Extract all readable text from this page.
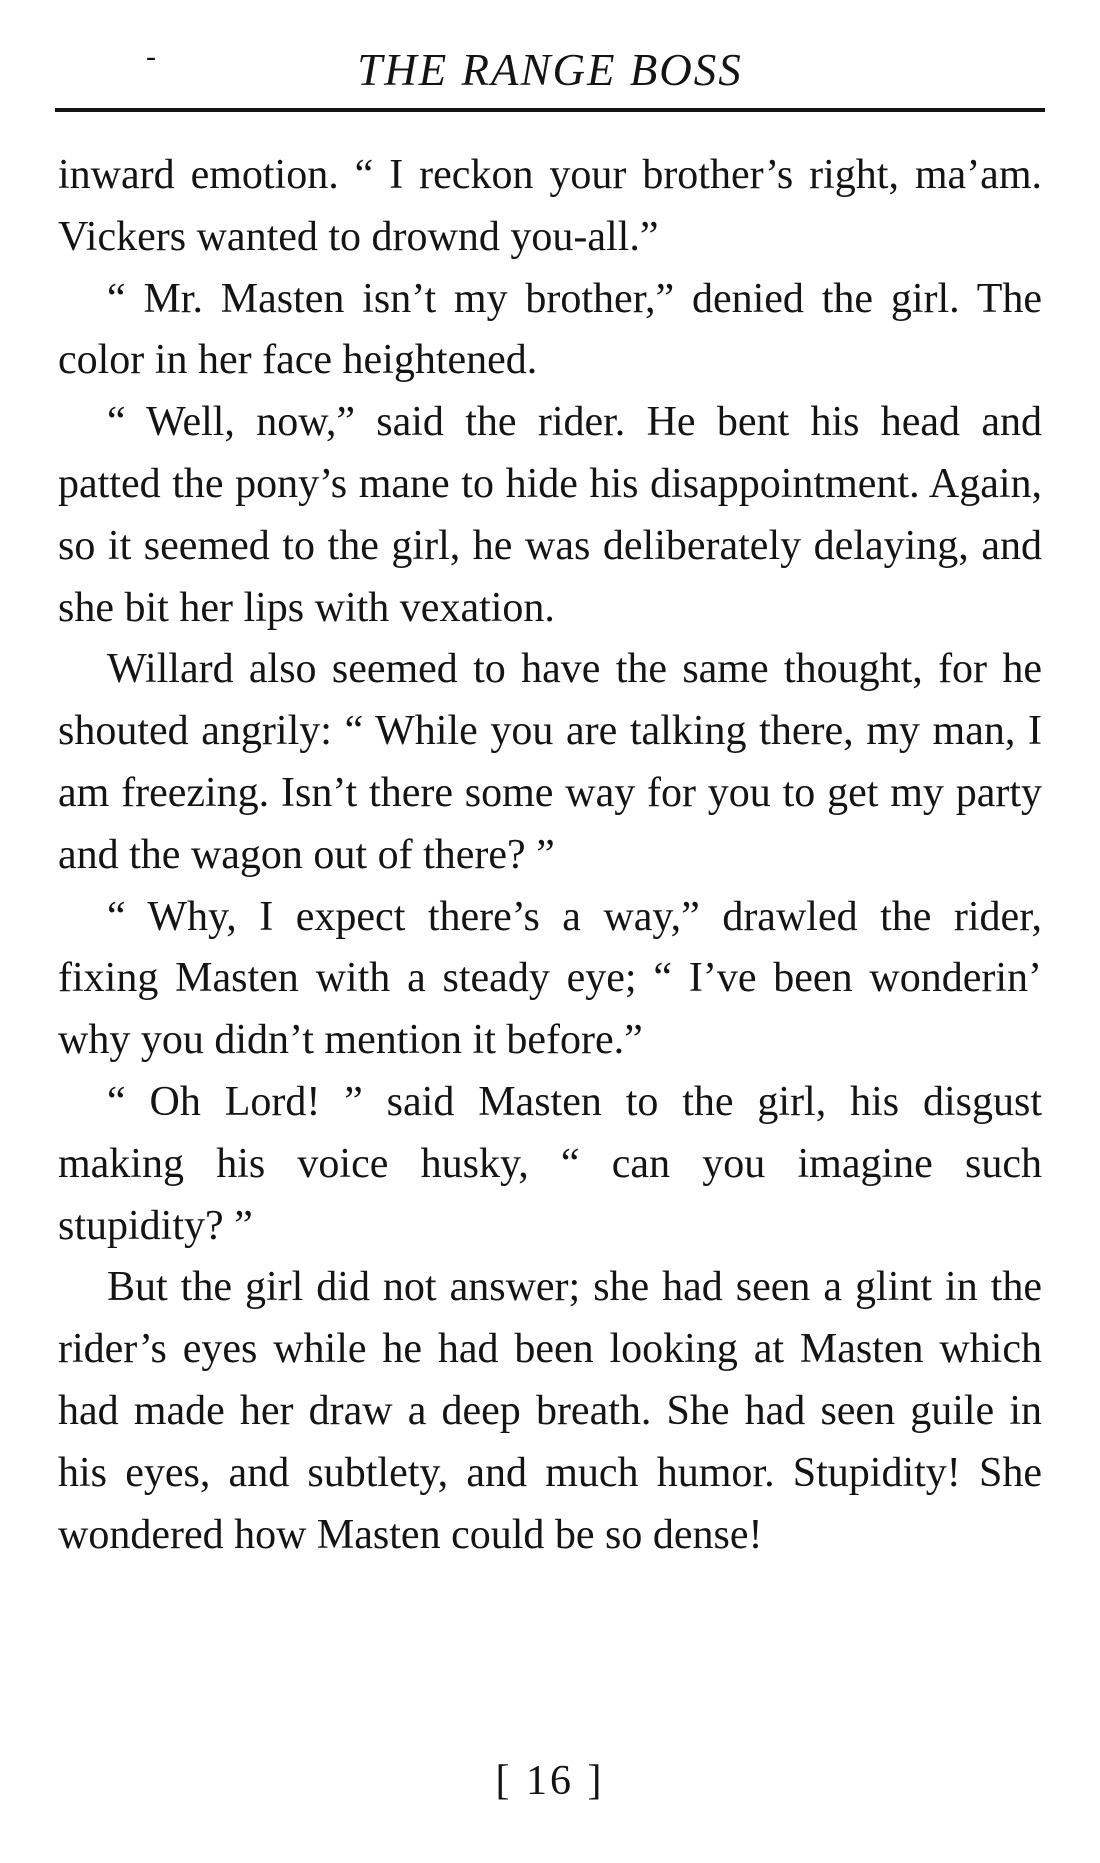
-	THE RANGE BOSS

inward emotion. “ I reckon your brother’s right, ma’am. Vickers wanted to drownd you-all.”

“ Mr. Masten isn’t my brother,” denied the girl. The color in her face heightened.

“ Well, now,” said the rider. He bent his head and patted the pony’s mane to hide his disappointment. Again, so it seemed to the girl, he was deliberately delaying, and she bit her lips with vexation.

Willard also seemed to have the same thought, for he shouted angrily: “ While you are talking there, my man, I am freezing. Isn’t there some way for you to get my party and the wagon out of there? ”

“ Why, I expect there’s a way,” drawled the rider, fixing Masten with a steady eye; “ I’ve been wonderin’ why you didn’t mention it before.”

“ Oh Lord! ” said Masten to the girl, his disgust making his voice husky, “ can you imagine such stupidity? ”

But the girl did not answer; she had seen a glint in the rider’s eyes while he had been looking at Masten which had made her draw a deep breath. She had seen guile in his eyes, and subtlety, and much humor. Stupidity! She wondered how Masten could be so dense!

[ 16 ]
